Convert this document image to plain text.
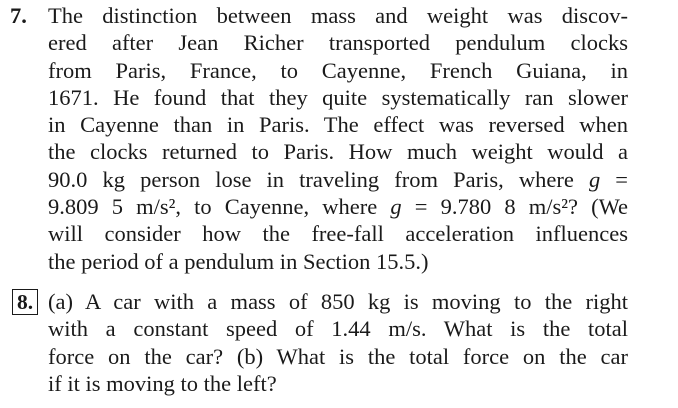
7. The distinction between mass and weight was discov-
ered after Jean Richer transported pendulum clocks
from Paris, France, to Cayenne, French Guiana, in
1671. He found that they quite systematically ran slower
in Cayenne than in Paris. The effect was reversed when
the clocks returned to Paris. How much weight would a
90.0 kg person lose in traveling from Paris, where g =
9.809 5 m/s², to Cayenne, where g = 9.780 8 m/s²? (We
will consider how the free-fall acceleration influences
the period of a pendulum in Section 15.5.)
8. (a) A car with a mass of 850 kg is moving to the right
with a constant speed of 1.44 m/s. What is the total
force on the car? (b) What is the total force on the car
if it is moving to the left?
